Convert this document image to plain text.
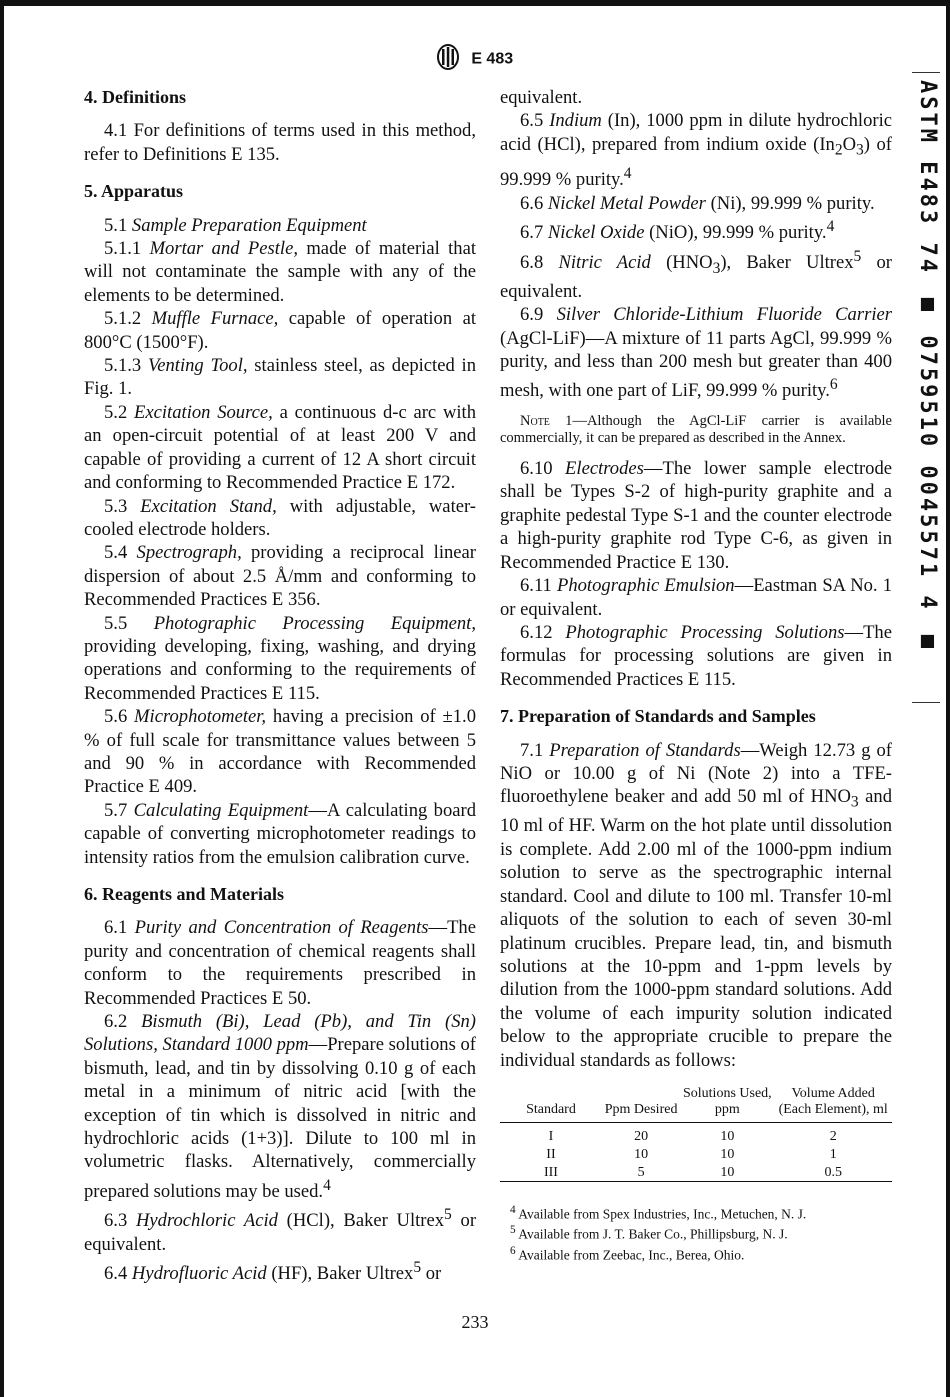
E 483
4. Definitions

4.1 For definitions of terms used in this method, refer to Definitions E 135.

5. Apparatus

5.1 Sample Preparation Equipment

5.1.1 Mortar and Pestle, made of material that will not contaminate the sample with any of the elements to be determined.

5.1.2 Muffle Furnace, capable of operation at 800°C (1500°F).

5.1.3 Venting Tool, stainless steel, as depicted in Fig. 1.

5.2 Excitation Source, a continuous d-c arc with an open-circuit potential of at least 200 V and capable of providing a current of 12 A short circuit and conforming to Recommended Practice E 172.

5.3 Excitation Stand, with adjustable, water-cooled electrode holders.

5.4 Spectrograph, providing a reciprocal linear dispersion of about 2.5 Å/mm and conforming to Recommended Practices E 356.

5.5 Photographic Processing Equipment, providing developing, fixing, washing, and drying operations and conforming to the requirements of Recommended Practices E 115.

5.6 Microphotometer, having a precision of ±1.0 % of full scale for transmittance values between 5 and 90 % in accordance with Recommended Practice E 409.

5.7 Calculating Equipment—A calculating board capable of converting microphotometer readings to intensity ratios from the emulsion calibration curve.

6. Reagents and Materials

6.1 Purity and Concentration of Reagents—The purity and concentration of chemical reagents shall conform to the requirements prescribed in Recommended Practices E 50.

6.2 Bismuth (Bi), Lead (Pb), and Tin (Sn) Solutions, Standard 1000 ppm—Prepare solutions of bismuth, lead, and tin by dissolving 0.10 g of each metal in a minimum of nitric acid [with the exception of tin which is dissolved in nitric and hydrochloric acids (1+3)]. Dilute to 100 ml in volumetric flasks. Alternatively, commercially prepared solutions may be used.$^4$

6.3 Hydrochloric Acid (HCl), Baker Ultrex$^5$ or equivalent.

6.4 Hydrofluoric Acid (HF), Baker Ultrex$^5$ or

equivalent.

6.5 Indium (In), 1000 ppm in dilute hydrochloric acid (HCl), prepared from indium oxide $(In_2O_3)$ of 99.999 % purity.$^4$

6.6 Nickel Metal Powder (Ni), 99.999 % purity.

6.7 Nickel Oxide (NiO), 99.999 % purity.$^4$

6.8 Nitric Acid $(HNO_3)$, Baker Ultrex$^5$ or equivalent.

6.9 Silver Chloride-Lithium Fluoride Carrier (AgCl-LiF)—A mixture of 11 parts AgCl, 99.999 % purity, and less than 200 mesh but greater than 400 mesh, with one part of LiF, 99.999 % purity.$^6$

Note 1—Although the AgCl-LiF carrier is available commercially, it can be prepared as described in the Annex.

6.10 Electrodes—The lower sample electrode shall be Types S-2 of high-purity graphite and a graphite pedestal Type S-1 and the counter electrode a high-purity graphite rod Type C-6, as given in Recommended Practice E 130.

6.11 Photographic Emulsion—Eastman SA No. 1 or equivalent.

6.12 Photographic Processing Solutions—The formulas for processing solutions are given in Recommended Practices E 115.

7. Preparation of Standards and Samples

7.1 Preparation of Standards—Weigh 12.73 g of NiO or 10.00 g of Ni (Note 2) into a TFE-fluoroethylene beaker and add 50 ml of $HNO_3$ and 10 ml of HF. Warm on the hot plate until dissolution is complete. Add 2.00 ml of the 1000-ppm indium solution to serve as the spectrographic internal standard. Cool and dilute to 100 ml. Transfer 10-ml aliquots of the solution to each of seven 30-ml platinum crucibles. Prepare lead, tin, and bismuth solutions at the 10-ppm and 1-ppm levels by dilution from the 1000-ppm standard solutions. Add the volume of each impurity solution indicated below to the appropriate crucible to prepare the individual standards as follows:

Standard	Ppm Desired	Solutions Used, ppm	Volume Added (Each Element), ml
I	20	10	2
II	10	10	1
III	5	10	0.5

$^4$ Available from Spex Industries, Inc., Metuchen, N. J.
$^5$ Available from J. T. Baker Co., Phillipsburg, N. J.
$^6$ Available from Zeebac, Inc., Berea, Ohio.
233
ASTM E483 74 ■ 0759510 0045571 4 ■
